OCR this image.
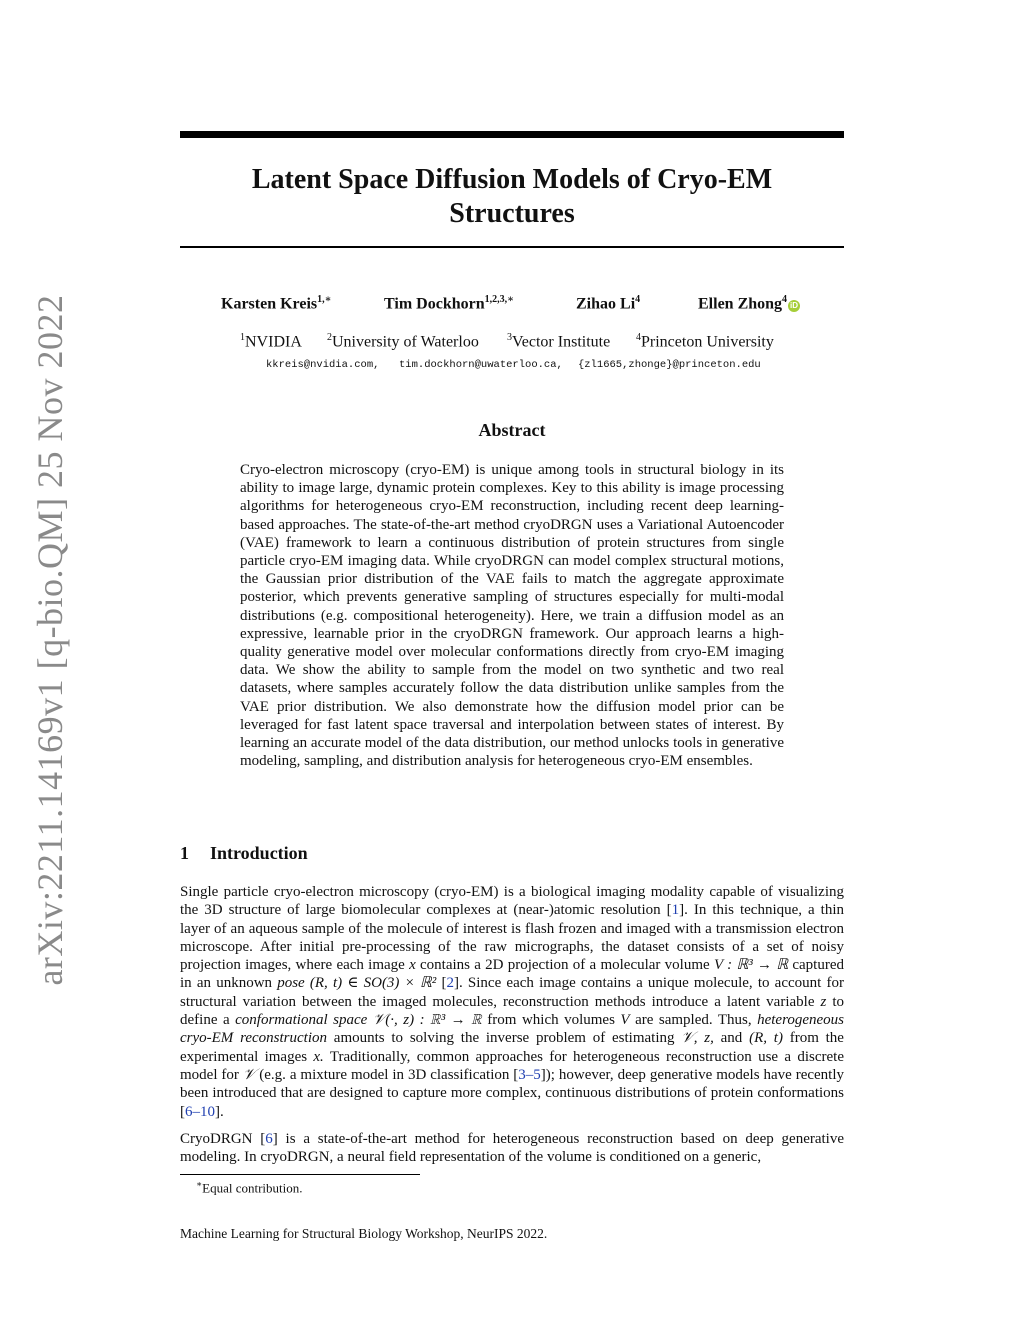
arXiv:2211.14169v1 [q-bio.QM] 25 Nov 2022
Latent Space Diffusion Models of Cryo-EM
Structures
Karsten Kreis$^{1,∗}$	Tim Dockhorn$^{1,2,3,∗}$	Zihao Li$^4$	Ellen Zhong$^4$iD
$^1$NVIDIA	$^2$University of Waterloo	$^3$Vector Institute	$^4$Princeton University
kkreis@nvidia.com, tim.dockhorn@uwaterloo.ca, {zl1665,zhonge}@princeton.edu
Abstract

Cryo-electron microscopy (cryo-EM) is unique among tools in structural biology in its ability to image large, dynamic protein complexes. Key to this ability is image processing algorithms for heterogeneous cryo-EM reconstruction, including recent deep learning-based approaches. The state-of-the-art method cryoDRGN uses a Variational Autoencoder (VAE) framework to learn a continuous distribution of protein structures from single particle cryo-EM imaging data. While cryoDRGN can model complex structural motions, the Gaussian prior distribution of the VAE fails to match the aggregate approximate posterior, which prevents generative sampling of structures especially for multi-modal distributions (e.g. compositional heterogeneity). Here, we train a diffusion model as an expressive, learnable prior in the cryoDRGN framework. Our approach learns a high-quality generative model over molecular conformations directly from cryo-EM imaging data. We show the ability to sample from the model on two synthetic and two real datasets, where samples accurately follow the data distribution unlike samples from the VAE prior distribution. We also demonstrate how the diffusion model prior can be leveraged for fast latent space traversal and interpolation between states of interest. By learning an accurate model of the data distribution, our method unlocks tools in generative modeling, sampling, and distribution analysis for heterogeneous cryo-EM ensembles.

1 Introduction

Single particle cryo-electron microscopy (cryo-EM) is a biological imaging modality capable of visualizing the 3D structure of large biomolecular complexes at (near-)atomic resolution [1]. In this technique, a thin layer of an aqueous sample of the molecule of interest is flash frozen and imaged with a transmission electron microscope. After initial pre-processing of the raw micrographs, the dataset consists of a set of noisy projection images, where each image x contains a 2D projection of a molecular volume V : ℝ³ → ℝ captured in an unknown pose (R, t) ∈ SO(3) × ℝ² [2]. Since each image contains a unique molecule, to account for structural variation between the imaged molecules, reconstruction methods introduce a latent variable z to define a conformational space 𝒱(·, z) : ℝ³ → ℝ from which volumes V are sampled. Thus, heterogeneous cryo-EM reconstruction amounts to solving the inverse problem of estimating 𝒱, z, and (R, t) from the experimental images x. Traditionally, common approaches for heterogeneous reconstruction use a discrete model for 𝒱 (e.g. a mixture model in 3D classification [3–5]); however, deep generative models have recently been introduced that are designed to capture more complex, continuous distributions of protein conformations [6–10].

CryoDRGN [6] is a state-of-the-art method for heterogeneous reconstruction based on deep generative modeling. In cryoDRGN, a neural field representation of the volume is conditioned on a generic,

∗Equal contribution.
Machine Learning for Structural Biology Workshop, NeurIPS 2022.
